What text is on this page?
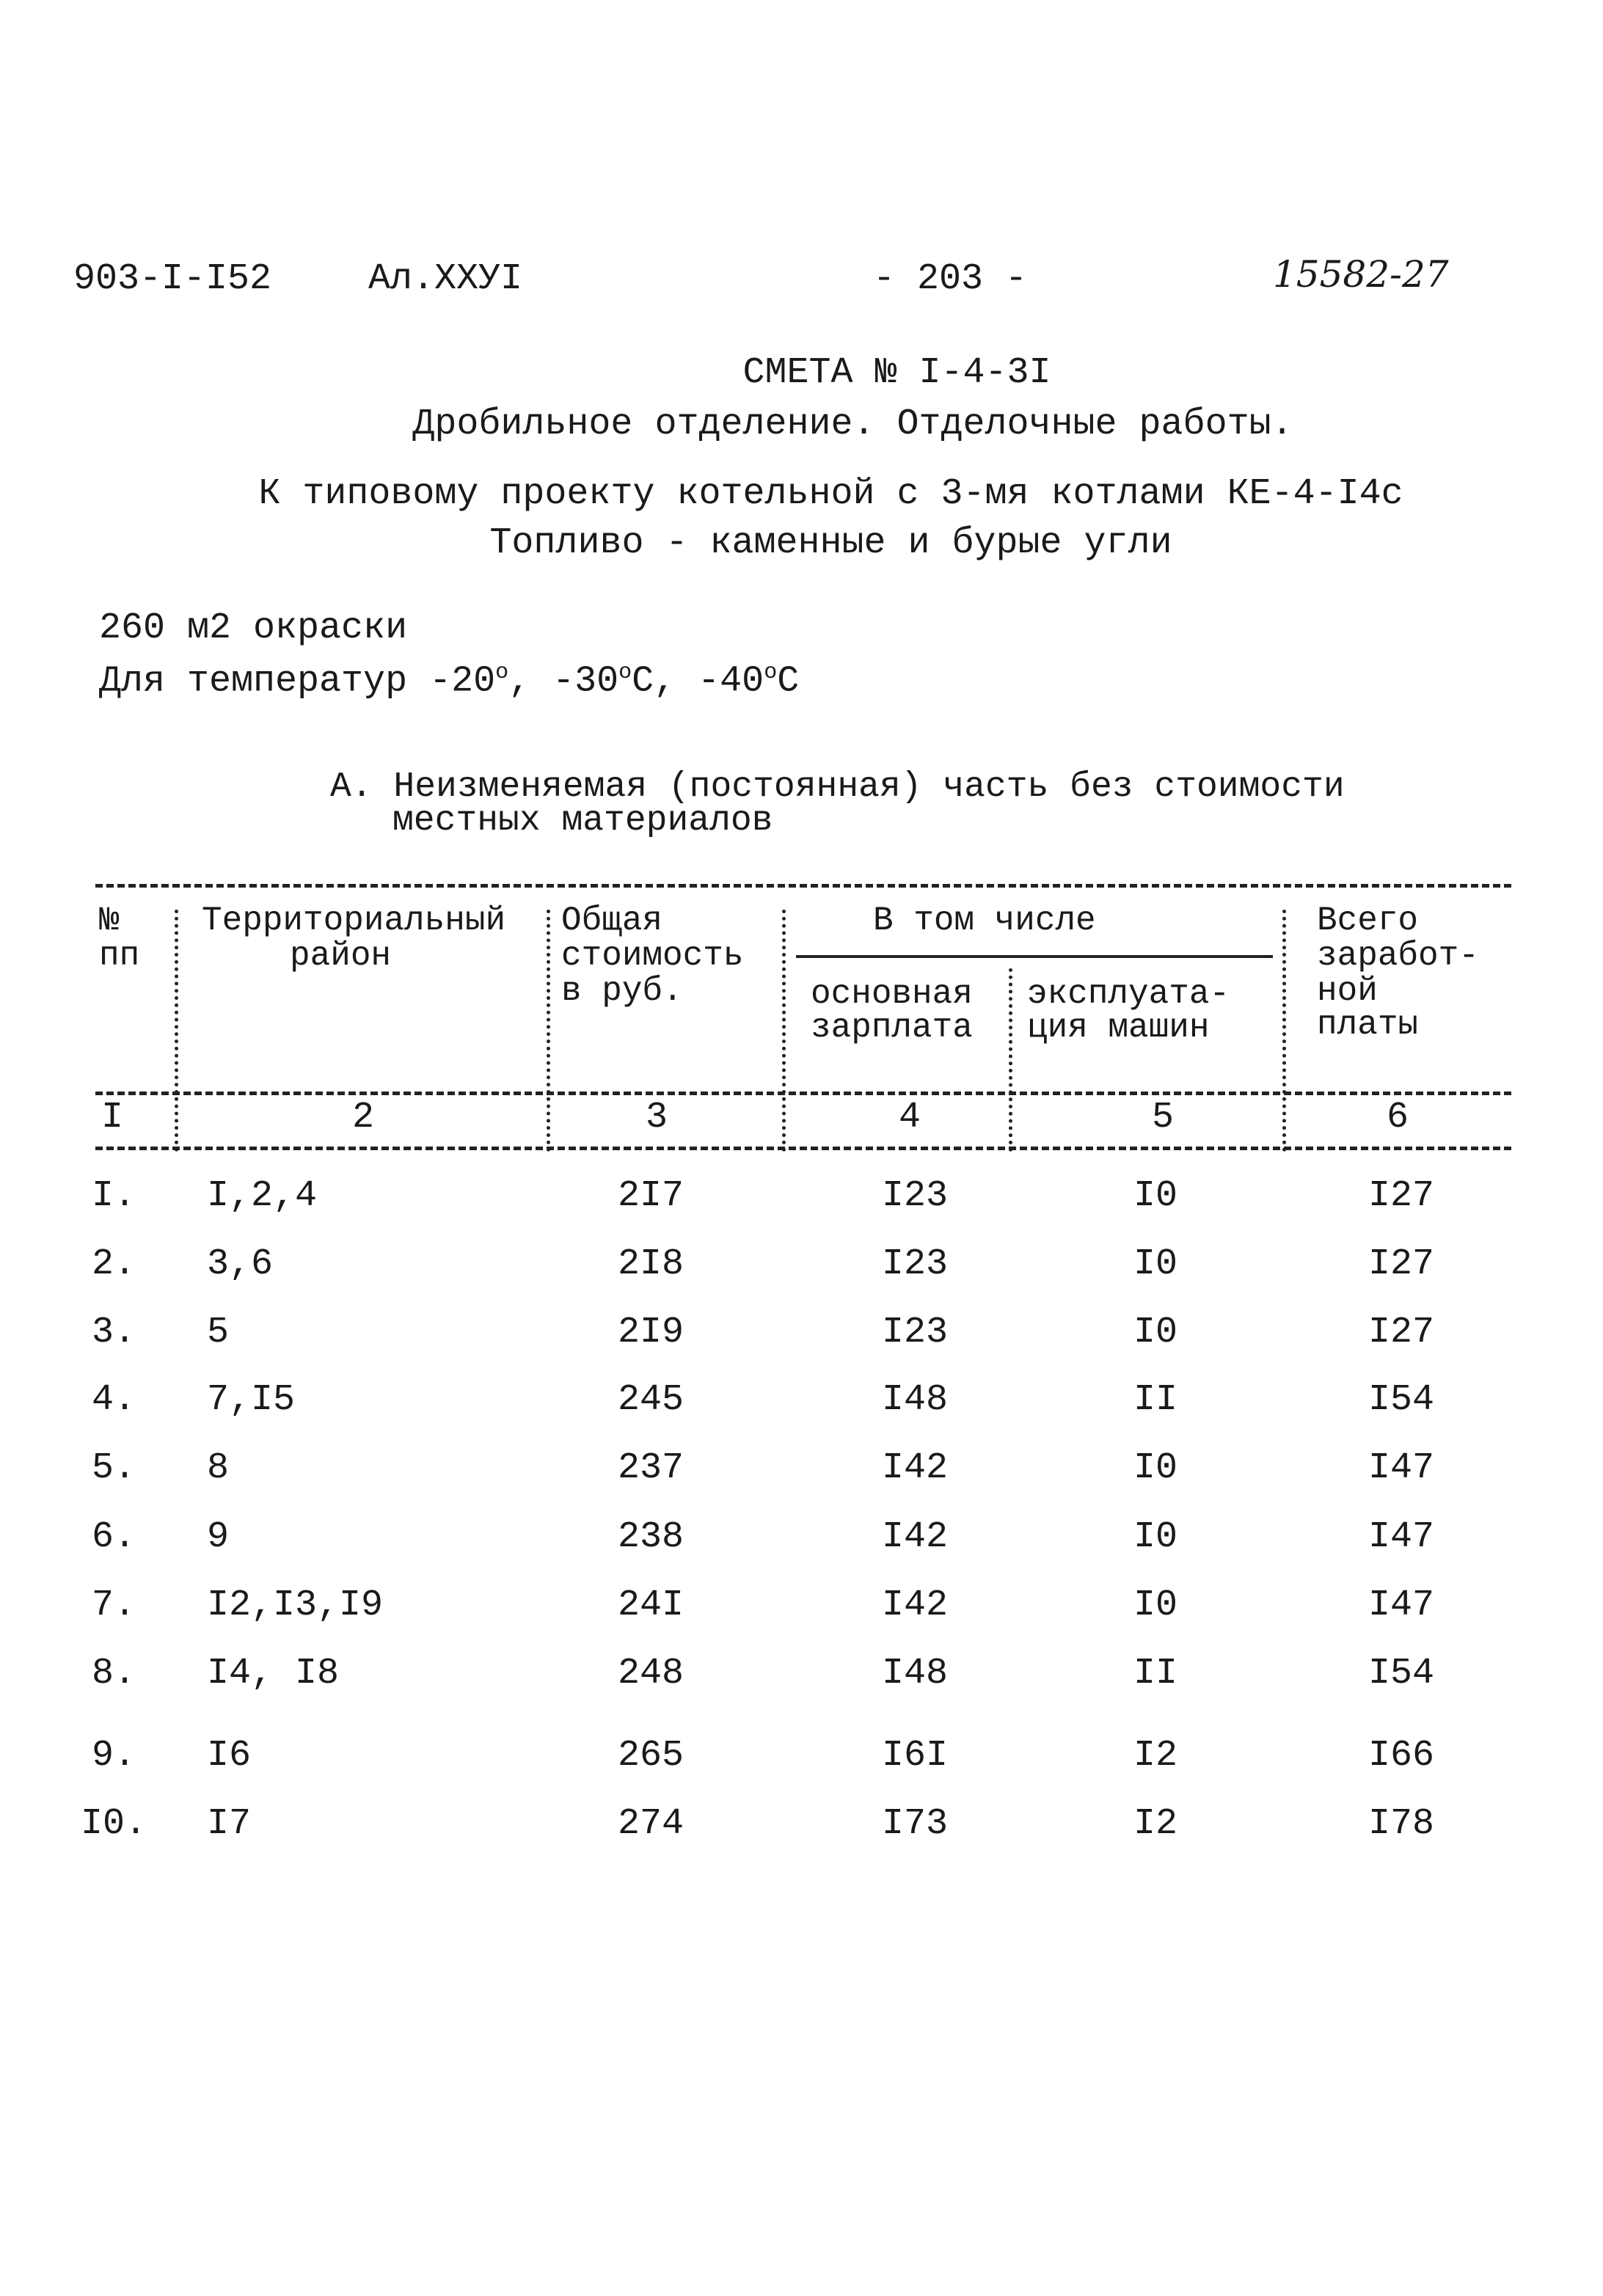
903-I-I52	Ал.XXУI	- 203 -	15582-27
СМЕТА № I-4-3I
Дробильное отделение. Отделочные работы.
К типовому проекту котельной с 3-мя котлами КЕ-4-I4с
Топливо - каменные и бурые угли
260 м2 окраски
Для температур $-20^о$, $-30^оС$, $-40^оС$
А. Неизменяемая (постоянная) часть без стоимости
местных материалов
№
пп
Территориальный
район
Общая
стоимость
в руб.
В том числе
основная
зарплата
эксплуата-
ция машин
Всего
заработ-
ной
платы
I	2	3	4	5	6
I. I,2,4	2I7	I23	I0	I27
2. 3,6	2I8	I23	I0	I27
3. 5	2I9	I23	I0	I27
4. 7,I5	245	I48	II	I54
5. 8	237	I42	I0	I47
6. 9	238	I42	I0	I47
7. I2,I3,I9	24I	I42	I0	I47
8. I4, I8	248	I48	II	I54
9. I6	265	I6I	I2	I66
I0. I7	274	I73	I2	I78
